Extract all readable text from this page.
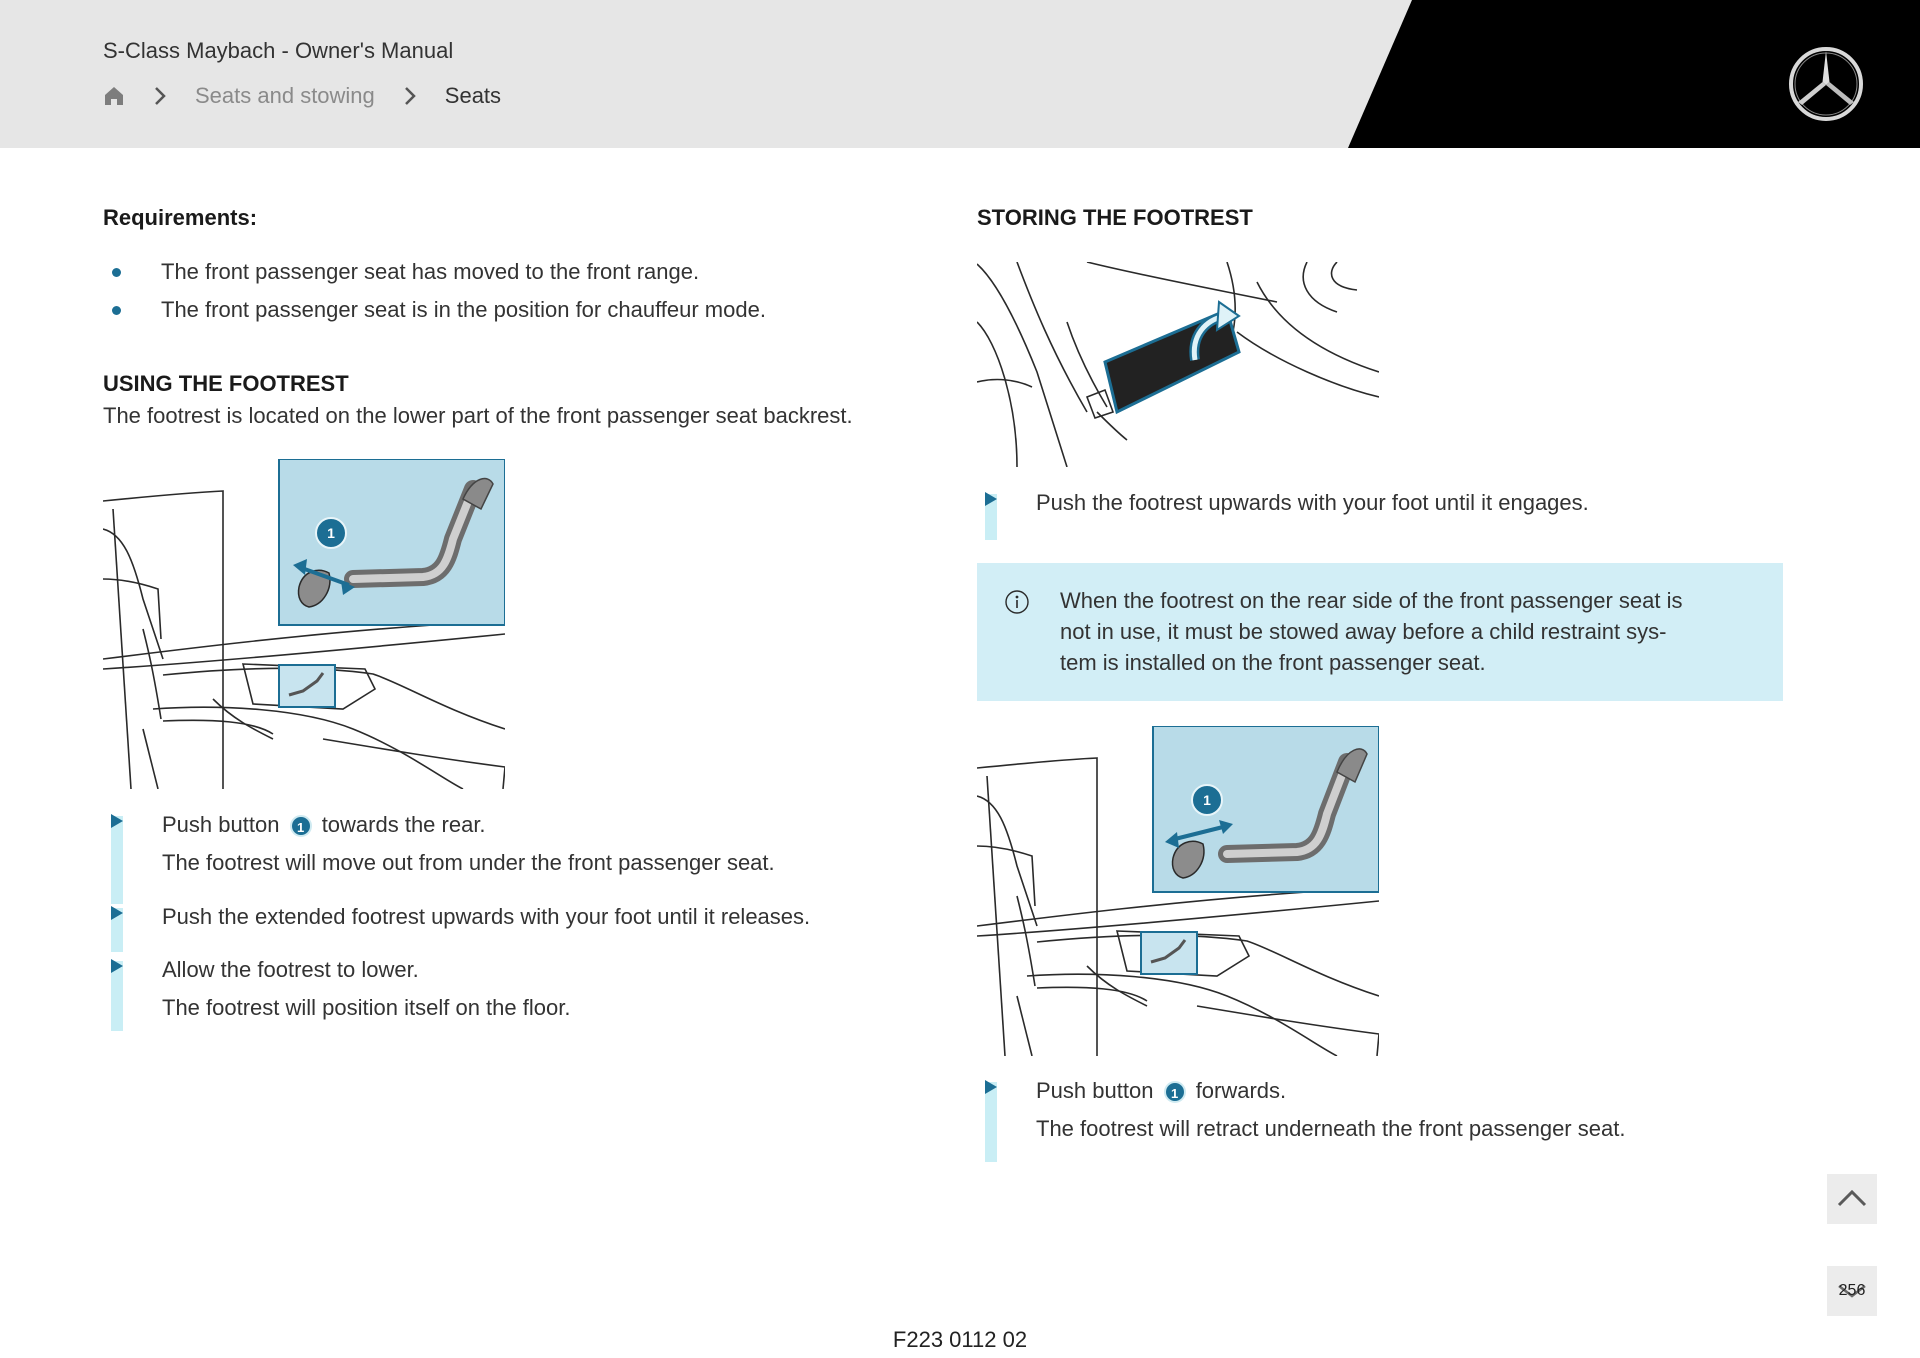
S-Class Maybach - Owner's Manual
Seats and stowing	Seats

Requirements:

The front passenger seat has moved to the front range.
The front passenger seat is in the position for chauffeur mode.

USING THE FOOTREST

The footrest is located on the lower part of the front passenger seat backrest.

1
Push button 1 towards the rear.
The footrest will move out from under the front passenger seat.
Push the extended footrest upwards with your foot until it releases.
Allow the footrest to lower.
The footrest will position itself on the floor.

STORING THE FOOTREST

Push the footrest upwards with your foot until it engages.
When the footrest on the rear side of the front passenger seat is
not in use, it must be stowed away before a child restraint sys-
tem is installed on the front passenger seat.
1
Push button 1 forwards.
The footrest will retract underneath the front passenger seat.
256
F223 0112 02
